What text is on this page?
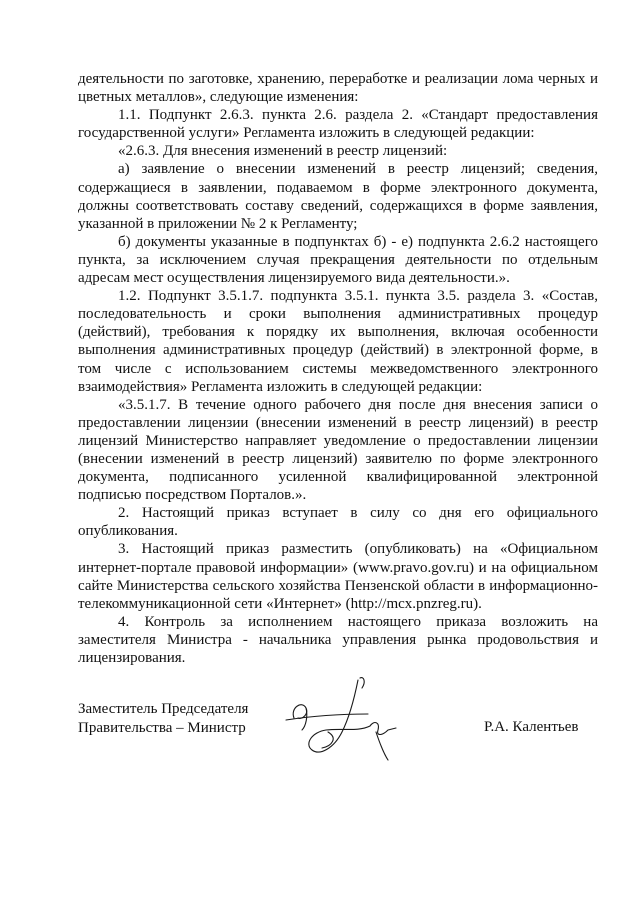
деятельности по заготовке, хранению, переработке и реализации лома черных и цветных металлов», следующие изменения:

1.1. Подпункт 2.6.3. пункта 2.6. раздела 2. «Стандарт предоставления государственной услуги» Регламента изложить в следующей редакции:

«2.6.3. Для внесения изменений в реестр лицензий:

а) заявление о внесении изменений в реестр лицензий; сведения, содержащиеся в заявлении, подаваемом в форме электронного документа, должны соответствовать составу сведений, содержащихся в форме заявления, указанной в приложении № 2 к Регламенту;

б) документы указанные в подпунктах б) - е) подпункта 2.6.2 настоящего пункта, за исключением случая прекращения деятельности по отдельным адресам мест осуществления лицензируемого вида деятельности.».

1.2. Подпункт 3.5.1.7. подпункта 3.5.1. пункта 3.5. раздела 3. «Состав, последовательность и сроки выполнения административных процедур (действий), требования к порядку их выполнения, включая особенности выполнения административных процедур (действий) в электронной форме, в том числе с использованием системы межведомственного электронного взаимодействия» Регламента изложить в следующей редакции:

«3.5.1.7. В течение одного рабочего дня после дня внесения записи о предоставлении лицензии (внесении изменений в реестр лицензий) в реестр лицензий Министерство направляет уведомление о предоставлении лицензии (внесении изменений в реестр лицензий) заявителю по форме электронного документа, подписанного усиленной квалифицированной электронной подписью посредством Порталов.».

2. Настоящий приказ вступает в силу со дня его официального опубликования.

3. Настоящий приказ разместить (опубликовать) на «Официальном интернет-портале правовой информации» (www.pravo.gov.ru) и на официальном сайте Министерства сельского хозяйства Пензенской области в информационно-телекоммуникационной сети «Интернет» (http://mcx.pnzreg.ru).

4. Контроль за исполнением настоящего приказа возложить на заместителя Министра - начальника управления рынка продовольствия и лицензирования.

Заместитель Председателя
Правительства – Министр	Р.А. Калентьев
